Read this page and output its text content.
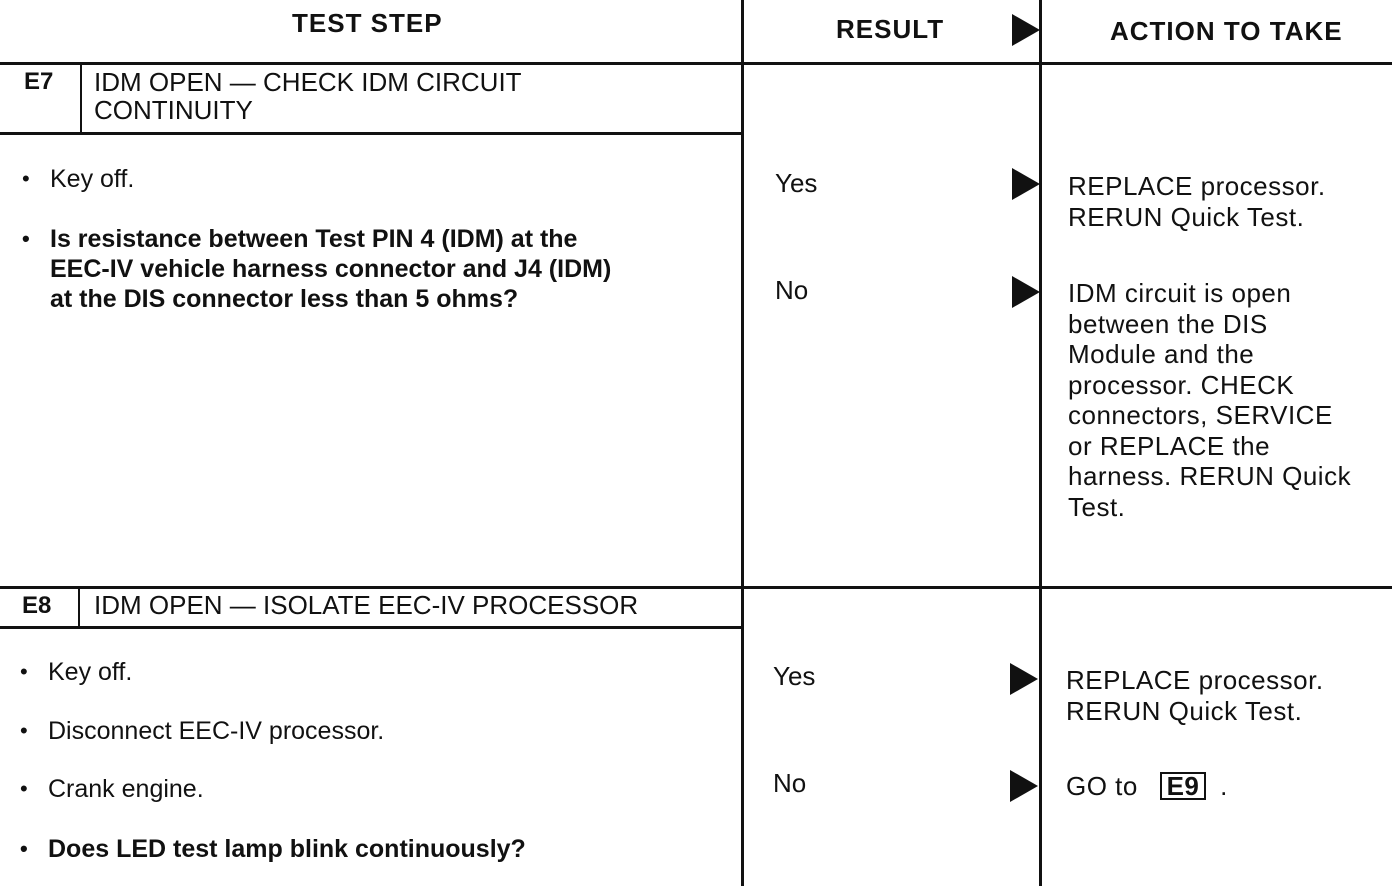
TEST STEP	RESULT	ACTION TO TAKE
E7 IDM OPEN — CHECK IDM CIRCUIT
CONTINUITY
• Key off.
• Is resistance between Test PIN 4 (IDM) at the
EEC-IV vehicle harness connector and J4 (IDM)
at the DIS connector less than 5 ohms?
Yes	REPLACE processor.
RERUN Quick Test.
No	IDM circuit is open
between the DIS
Module and the
processor. CHECK
connectors, SERVICE
or REPLACE the
harness. RERUN Quick
Test.
E8 IDM OPEN — ISOLATE EEC-IV PROCESSOR
• Key off.
• Disconnect EEC-IV processor.
• Crank engine.
• Does LED test lamp blink continuously?
Yes	REPLACE processor.
RERUN Quick Test.
No	GO to E9 .
